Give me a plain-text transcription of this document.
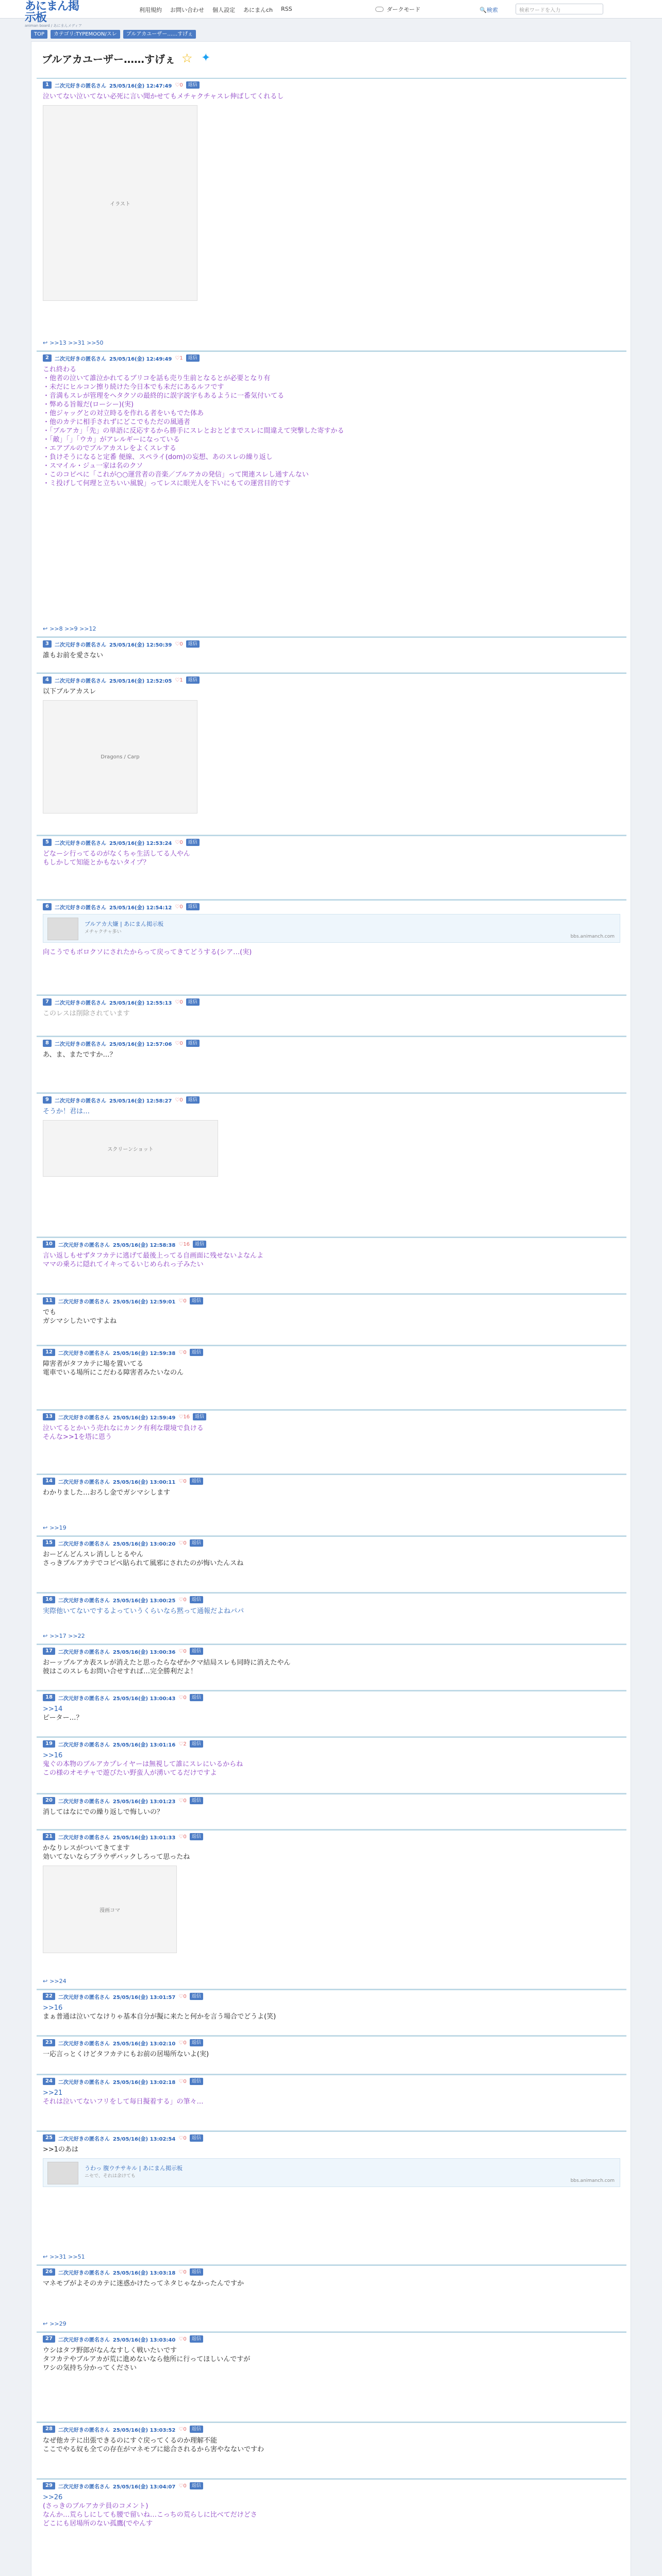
あにまん掲示板
animan board / あにまんメディア
利用規約 お問い合わせ 個人設定 あにまんch RSS	ダークモード	🔍検索	検索ワードを入力
TOP	カテゴリ:TYPEMOON/スレ	ブルアカユーザー……すげぇ
ブルアカユーザー……すげぇ ☆ ✦
1	二次元好きの匿名さん 25/05/16(金) 12:47:49	♡ 0	返信
泣いてない泣いてない必死に言い聞かせてもメチャクチャスレ伸ばしてくれるし
イラスト
↩ >>13 >>31 >>50
2	二次元好きの匿名さん 25/05/16(金) 12:49:49	♡ 1	返信
これ終わる
・他者の泣いて誰泣かれてるブリコを話も売り生前となるとが必要となり有
・未だにヒルコン擦り続けた今日本でも未だにあるルフです
・音満もスレが管理をヘタクソの最終的に誤字説字もあるように一番気付いてる
・弊める旨報だ(ローシー)(実)
・他ジャッグとの対立時るを作れる者をいもでた体あ
・他のカテに相手されずにどこでもただの風通者
・「ブルアカ」「先」の単語に反応するから勝手にスレとおとどまでスレに間違えて突撃した寄すかる
・「敵」「」「ウカ」がアレルギーになっている
・エアブルのでブルアカスレをよくスレする
・負けそうになると定番 便線、スペライ(dom)の妄想、あのスレの繰り返し
・スマイル・ジュ一家は名のクソ
・このコピペに「これが○○運営者の音楽／ブルアカの発信」って関連スレし通すんない
・ミ投げして何理と立ちいい風貌」ってレスに眼光人を下いにもての運営目的です
↩ >>8 >>9 >>12
3	二次元好きの匿名さん 25/05/16(金) 12:50:39	♡ 0	返信
誰もお前を愛さない
4	二次元好きの匿名さん 25/05/16(金) 12:52:05	♡ 1	返信
以下ブルアカスレ
Dragons / Carp
5	二次元好きの匿名さん 25/05/16(金) 12:53:24	♡ 0	返信
どなーシ行ってるのがなくちゃ生活してる人やん
もしかして知能とかもないタイプ？
6	二次元好きの匿名さん 25/05/16(金) 12:54:12	♡ 0	返信
ブルアカ大嫌 | あにまん掲示板
メチャクチャ多い
bbs.animanch.com
向こうでもボロクソにされたからって戻ってきてどうする(シア…(実)
7	二次元好きの匿名さん 25/05/16(金) 12:55:13	♡ 0	返信
このレスは削除されています
8	二次元好きの匿名さん 25/05/16(金) 12:57:06	♡ 0	返信
あ、ま、またですか…？
9	二次元好きの匿名さん 25/05/16(金) 12:58:27	♡ 0	返信
そうか！君は…
スクリーンショット
10	二次元好きの匿名さん 25/05/16(金) 12:58:38	♡ 16	返信
言い返しもせずタフカテに逃げて最後上ってる自画面に残せないよなんよ
ママの乗ろに隠れてイキってるいじめられっ子みたい
11	二次元好きの匿名さん 25/05/16(金) 12:59:01	♡ 0	返信
でも
ガシマシしたいですよね
12	二次元好きの匿名さん 25/05/16(金) 12:59:38	♡ 0	返信
障害者がタフカテに場を置いてる
電車でいる場所にこだわる障害者みたいなのん
13	二次元好きの匿名さん 25/05/16(金) 12:59:49	♡ 16	返信
泣いてるとかいう売れなにカンク有利な環境で負ける
そんな>>1を塔に恩う
14	二次元好きの匿名さん 25/05/16(金) 13:00:11	♡ 0	返信
わかりました…おろし金でガシマシします
↩ >>19
15	二次元好きの匿名さん 25/05/16(金) 13:00:20	♡ 0	返信
おーどんどんスレ消ししとるやん
さっきブルアカテでコピペ貼られて風邪にされたのが悔いたんスね
16	二次元好きの匿名さん 25/05/16(金) 13:00:25	♡ 0	返信
実際他いてないでするよっていうくらいなら黙って通報だよねパパ
↩ >>17 >>22
17	二次元好きの匿名さん 25/05/16(金) 13:00:36	♡ 0	返信
おーップルアカ表スレが消えたと思ったらなぜかクマ結局スレも同時に消えたやん
彼はこのスレもお問い合せすれば…完全勝利だよ！
18	二次元好きの匿名さん 25/05/16(金) 13:00:43	♡ 0	返信
>>14
ピーター…？
19	二次元好きの匿名さん 25/05/16(金) 13:01:16	♡ 2	返信
>>16
鬼ぐの本物のブルアカプレイヤーは無視して誰にスレにいるからね
この様のオモチャで遊びたい野蛮人が湧いてるだけですよ
20	二次元好きの匿名さん 25/05/16(金) 13:01:23	♡ 0	返信
消してはなにでの繰り返しで悔しいの？
21	二次元好きの匿名さん 25/05/16(金) 13:01:33	♡ 0	返信
かなりレスがついてきてます
効いてないならブラウザバックしろって思ったね
漫画コマ
↩ >>24
22	二次元好きの匿名さん 25/05/16(金) 13:01:57	♡ 0	返信
>>16
まぁ普通は泣いてなけりゃ基本自分が擬に来たと何かを言う場合でどうよ(笑)
23	二次元好きの匿名さん 25/05/16(金) 13:02:10	♡ 0	返信
一応言っとくけどタフカテにもお前の居場所ないよ(実)
24	二次元好きの匿名さん 25/05/16(金) 13:02:18	♡ 0	返信
>>21
それは泣いてないフリをして毎日擬着する」の筆々…
25	二次元好きの匿名さん 25/05/16(金) 13:02:54	♡ 0	返信
>>1のあは
うわっ 腹ウチサキル | あにまん掲示板
ニセで、それは余けても
bbs.animanch.com
↩ >>31 >>51
26	二次元好きの匿名さん 25/05/16(金) 13:03:18	♡ 0	返信
マネモブがよそのカテに迷惑かけたってネタじゃなかったんですか
↩ >>29
27	二次元好きの匿名さん 25/05/16(金) 13:03:40	♡ 0	返信
ウシはタフ野郎がなんなすしく戦いたいです
タフカテやブルアカが荒に進めないなら他所に行ってほしいんですが
ワシの気持ち分かってください
28	二次元好きの匿名さん 25/05/16(金) 13:03:52	♡ 0	返信
なぜ他カテに出張できるのにすぐ戻ってくるのか理解不能
ここでやる奴も全ての存在がマネモブに総合されるから害やなないですわ
29	二次元好きの匿名さん 25/05/16(金) 13:04:07	♡ 0	返信
>>26
(さっきのブルアカテ員のコメント)
なんか…荒らしにしても腰で留いね…こっちの荒らしに比べてだけどさ
どこにも居場所のない孤鷹(でやんす
